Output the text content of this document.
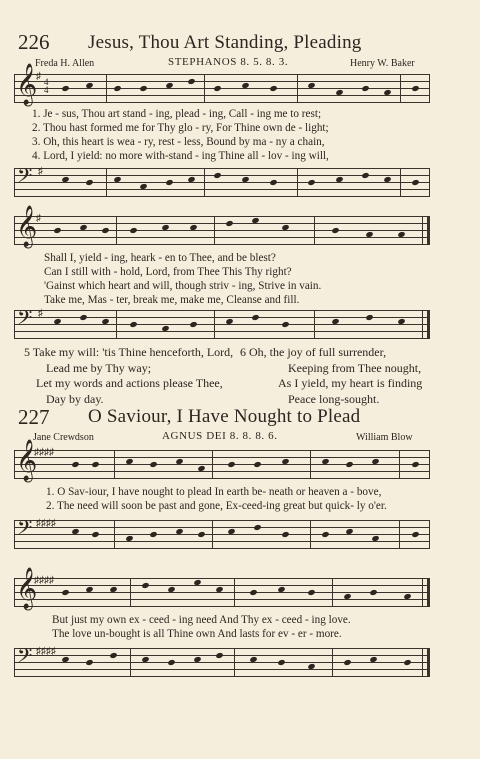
226 Jesus, Thou Art Standing, Pleading
Freda H. Allen	STEPHANOS 8. 5. 8. 3.	Henry W. Baker
𝄞
♯ 4
4
1. Je - sus, Thou art stand - ing, plead - ing, Call - ing me to rest;
2. Thou hast formed me for Thy glo - ry, For Thine own de - light;
3. Oh, this heart is wea - ry, rest - less, Bound by ma - ny a chain,
4. Lord, I yield: no more with-stand - ing Thine all - lov - ing will,
𝄢 ♯
𝄞
♯
Shall I, yield - ing, heark - en to Thee, and be blest?
Can I still with - hold, Lord, from Thee This Thy right?
'Gainst which heart and will, though striv - ing, Strive in vain.
Take me, Mas - ter, break me, make me, Cleanse and fill.
𝄢 ♯
5 Take my will: 'tis Thine henceforth, Lord,
Lead me by Thy way;
Let my words and actions please Thee,
Day by day.
6 Oh, the joy of full surrender,
Keeping from Thee nought,
As I yield, my heart is finding
Peace long-sought.
227 O Saviour, I Have Nought to Plead
Jane Crewdson	AGNUS DEI 8. 8. 8. 6.	William Blow
𝄞
♯♯♯♯
1. O Sav-iour, I have nought to plead In earth be- neath or heaven a - bove,
2. The need will soon be past and gone, Ex-ceed-ing great but quick- ly o'er.
𝄢 ♯♯♯♯
𝄞
♯♯♯♯
But just my own ex - ceed - ing need And Thy ex - ceed - ing love.
The love un-bought is all Thine own And lasts for ev - er - more.
𝄢 ♯♯♯♯
